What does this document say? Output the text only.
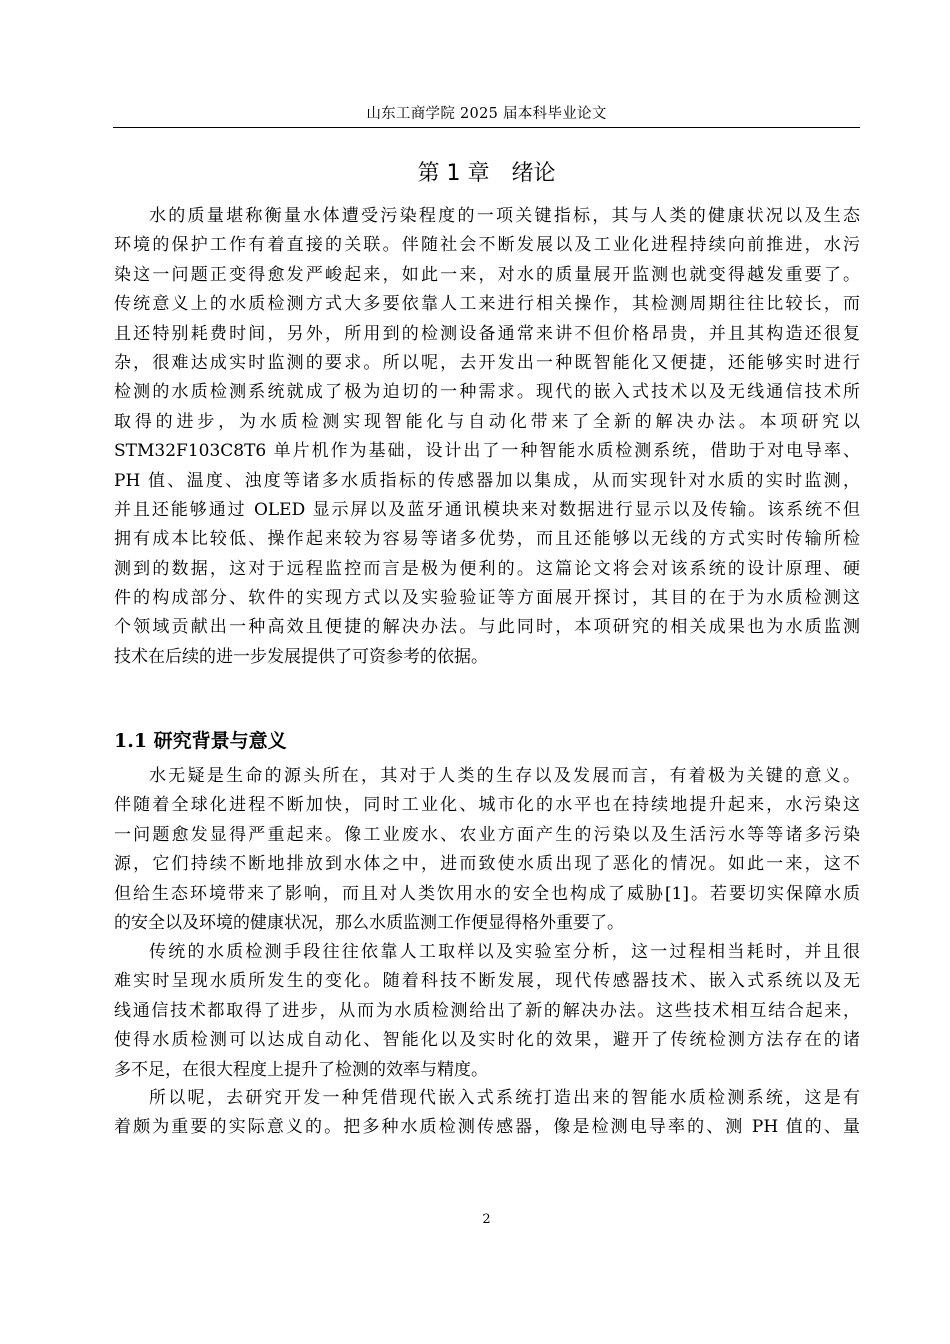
山东工商学院 2025 届本科毕业论文
第 1 章　绪论
水的质量堪称衡量水体遭受污染程度的一项关键指标，其与人类的健康状况以及生态
环境的保护工作有着直接的关联。伴随社会不断发展以及工业化进程持续向前推进，水污
染这一问题正变得愈发严峻起来，如此一来，对水的质量展开监测也就变得越发重要了。
传统意义上的水质检测方式大多要依靠人工来进行相关操作，其检测周期往往比较长，而
且还特别耗费时间，另外，所用到的检测设备通常来讲不但价格昂贵，并且其构造还很复
杂，很难达成实时监测的要求。所以呢，去开发出一种既智能化又便捷，还能够实时进行
检测的水质检测系统就成了极为迫切的一种需求。现代的嵌入式技术以及无线通信技术所
取得的进步，为水质检测实现智能化与自动化带来了全新的解决办法。本项研究以
STM32F103C8T6 单片机作为基础，设计出了一种智能水质检测系统，借助于对电导率、
PH 值、温度、浊度等诸多水质指标的传感器加以集成，从而实现针对水质的实时监测，
并且还能够通过 OLED 显示屏以及蓝牙通讯模块来对数据进行显示以及传输。该系统不但
拥有成本比较低、操作起来较为容易等诸多优势，而且还能够以无线的方式实时传输所检
测到的数据，这对于远程监控而言是极为便利的。这篇论文将会对该系统的设计原理、硬
件的构成部分、软件的实现方式以及实验验证等方面展开探讨，其目的在于为水质检测这
个领域贡献出一种高效且便捷的解决办法。与此同时，本项研究的相关成果也为水质监测
技术在后续的进一步发展提供了可资参考的依据。
1.1 研究背景与意义
水无疑是生命的源头所在，其对于人类的生存以及发展而言，有着极为关键的意义。
伴随着全球化进程不断加快，同时工业化、城市化的水平也在持续地提升起来，水污染这
一问题愈发显得严重起来。像工业废水、农业方面产生的污染以及生活污水等等诸多污染
源，它们持续不断地排放到水体之中，进而致使水质出现了恶化的情况。如此一来，这不
但给生态环境带来了影响，而且对人类饮用水的安全也构成了威胁[1]。若要切实保障水质
的安全以及环境的健康状况，那么水质监测工作便显得格外重要了。
传统的水质检测手段往往依靠人工取样以及实验室分析，这一过程相当耗时，并且很
难实时呈现水质所发生的变化。随着科技不断发展，现代传感器技术、嵌入式系统以及无
线通信技术都取得了进步，从而为水质检测给出了新的解决办法。这些技术相互结合起来，
使得水质检测可以达成自动化、智能化以及实时化的效果，避开了传统检测方法存在的诸
多不足，在很大程度上提升了检测的效率与精度。
所以呢，去研究开发一种凭借现代嵌入式系统打造出来的智能水质检测系统，这是有
着颇为重要的实际意义的。把多种水质检测传感器，像是检测电导率的、测 PH 值的、量
2
